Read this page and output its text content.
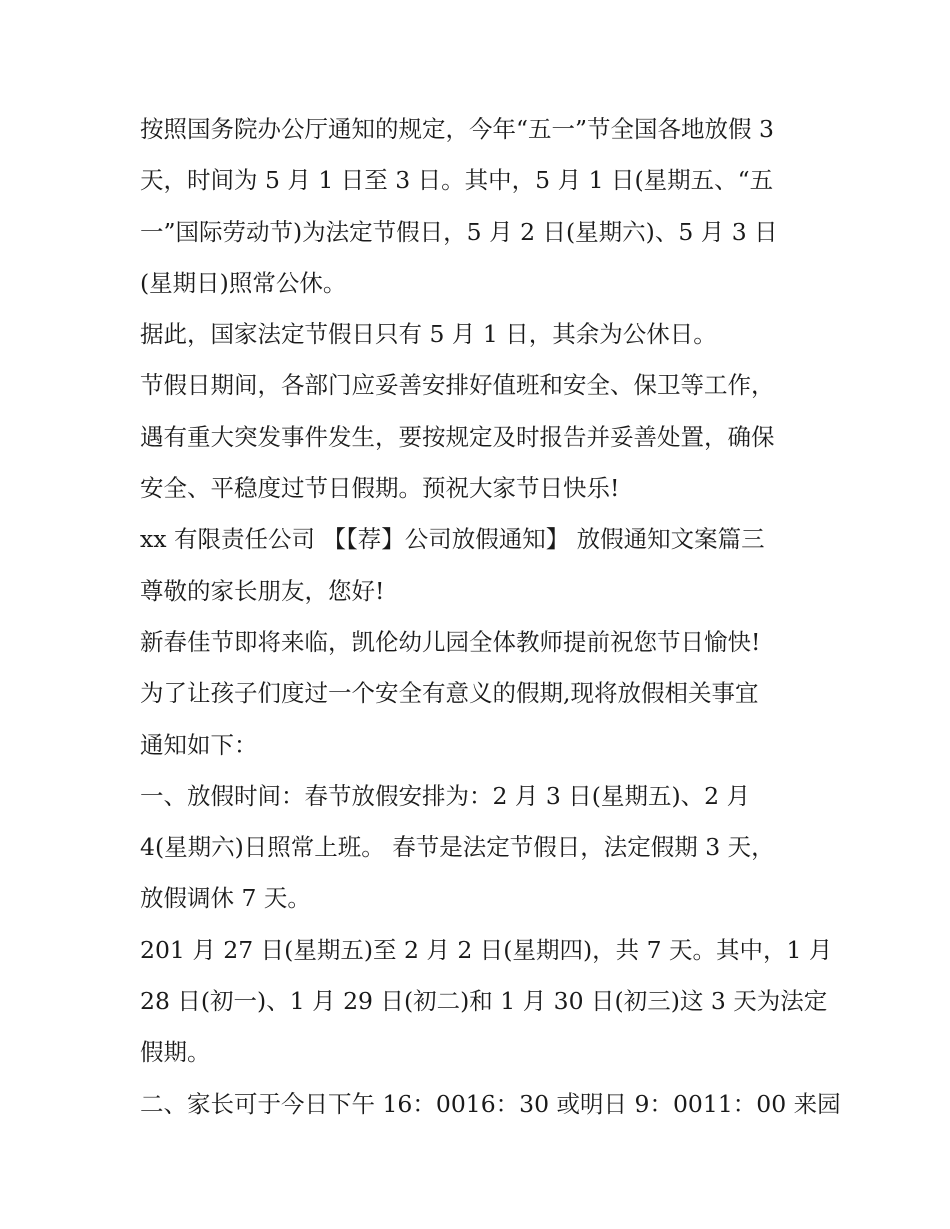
按照国务院办公厅通知的规定，今年“五一”节全国各地放假 3
天，时间为 5 月 1 日至 3 日。其中，5 月 1 日(星期五、“五
一”国际劳动节)为法定节假日，5 月 2 日(星期六)、5 月 3 日
(星期日)照常公休。
据此，国家法定节假日只有 5 月 1 日，其余为公休日。
节假日期间，各部门应妥善安排好值班和安全、保卫等工作，
遇有重大突发事件发生，要按规定及时报告并妥善处置，确保
安全、平稳度过节日假期。预祝大家节日快乐!
xx 有限责任公司 【【荐】公司放假通知】 放假通知文案篇三
尊敬的家长朋友，您好!
新春佳节即将来临，凯伦幼儿园全体教师提前祝您节日愉快!
为了让孩子们度过一个安全有意义的假期,现将放假相关事宜
通知如下：
一、放假时间：春节放假安排为：2 月 3 日(星期五)、2 月
4(星期六)日照常上班。 春节是法定节假日，法定假期 3 天，
放假调休 7 天。
201 月 27 日(星期五)至 2 月 2 日(星期四)，共 7 天。其中，1 月
28 日(初一)、1 月 29 日(初二)和 1 月 30 日(初三)这 3 天为法定
假期。
二、家长可于今日下午 16：0016：30 或明日 9：0011：00 来园
